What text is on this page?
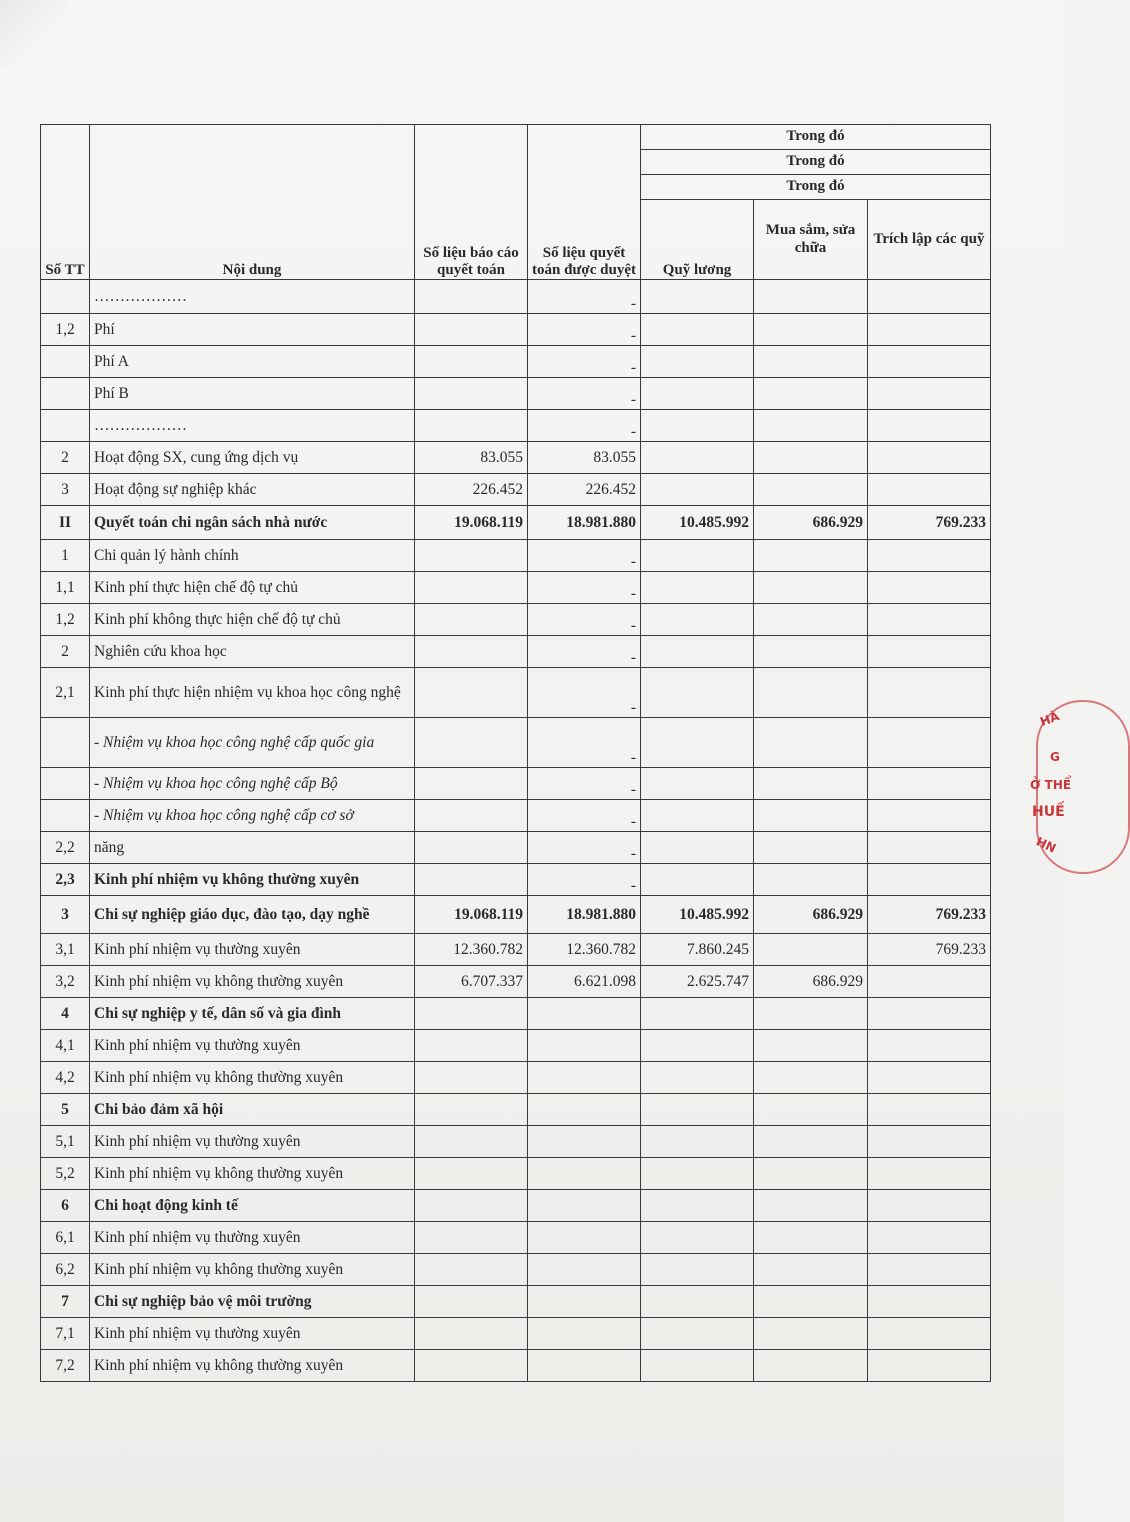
Số TT	Nội dung	Số liệu báo cáo quyết toán	Số liệu quyết toán được duyệt	Trong đó		
				Trong đó		
				Trong đó		
				Quỹ lương	Mua sắm, sửa chữa	Trích lập các quỹ
	………………		-			
1,2	Phí		-			
	Phí A		-			
	Phí B		-			
	………………		-			
2	Hoạt động SX, cung ứng dịch vụ	83.055	83.055			
3	Hoạt động sự nghiệp khác	226.452	226.452			
II	Quyết toán chi ngân sách nhà nước	19.068.119	18.981.880	10.485.992	686.929	769.233
1	Chi quản lý hành chính		-			
1,1	Kinh phí thực hiện chế độ tự chủ		-			
1,2	Kinh phí không thực hiện chế độ tự chủ		-			
2	Nghiên cứu khoa học		-			
2,1	Kinh phí thực hiện nhiệm vụ khoa học công nghệ		-			
	- Nhiệm vụ khoa học công nghệ cấp quốc gia		-			
	- Nhiệm vụ khoa học công nghệ cấp Bộ		-			
	- Nhiệm vụ khoa học công nghệ cấp cơ sở		-			
2,2	năng		-			
2,3	Kinh phí nhiệm vụ không thường xuyên		-			
3	Chi sự nghiệp giáo dục, đào tạo, dạy nghề	19.068.119	18.981.880	10.485.992	686.929	769.233
3,1	Kinh phí nhiệm vụ thường xuyên	12.360.782	12.360.782	7.860.245		769.233
3,2	Kinh phí nhiệm vụ không thường xuyên	6.707.337	6.621.098	2.625.747	686.929	
4	Chi sự nghiệp y tế, dân số và gia đình					
4,1	Kinh phí nhiệm vụ thường xuyên					
4,2	Kinh phí nhiệm vụ không thường xuyên					
5	Chi bảo đảm xã hội					
5,1	Kinh phí nhiệm vụ thường xuyên					
5,2	Kinh phí nhiệm vụ không thường xuyên					
6	Chi hoạt động kinh tế					
6,1	Kinh phí nhiệm vụ thường xuyên					
6,2	Kinh phí nhiệm vụ không thường xuyên					
7	Chi sự nghiệp bảo vệ môi trường					
7,1	Kinh phí nhiệm vụ thường xuyên					
7,2	Kinh phí nhiệm vụ không thường xuyên					
HÀ
G
Ở THỂ
HUẾ
HN
